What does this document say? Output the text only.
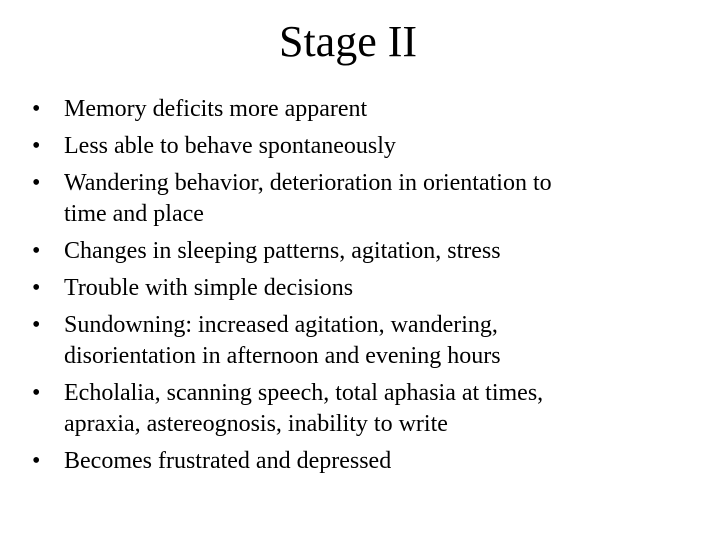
Stage II
• Memory deficits more apparent
• Less able to behave spontaneously
• Wandering behavior, deterioration in orientation to
time and place
• Changes in sleeping patterns, agitation, stress
• Trouble with simple decisions
• Sundowning: increased agitation, wandering,
disorientation in afternoon and evening hours
• Echolalia, scanning speech, total aphasia at times,
apraxia, astereognosis, inability to write
• Becomes frustrated and depressed
